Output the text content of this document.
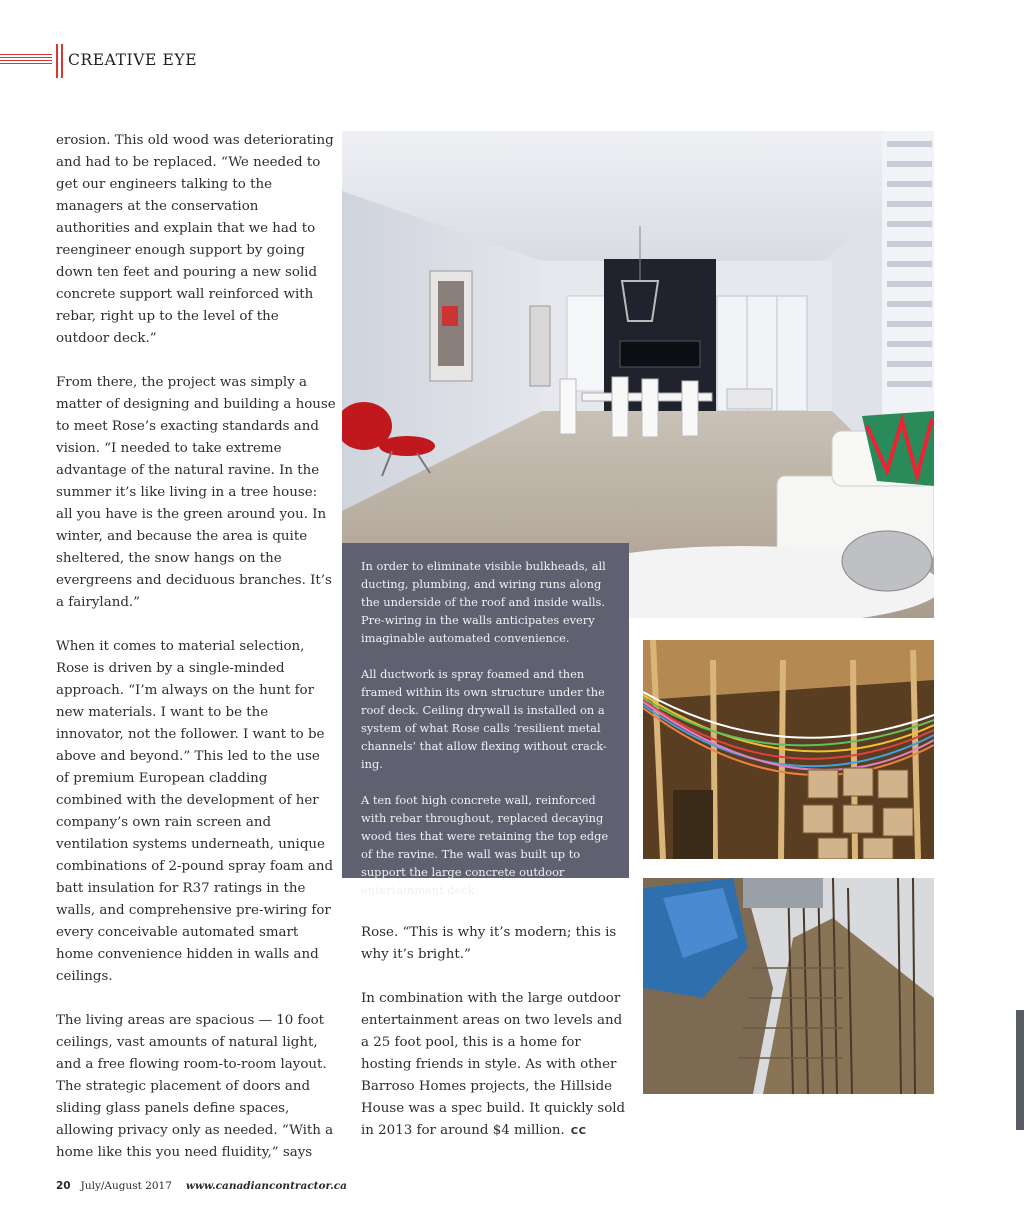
CREATIVE EYE

erosion. This old wood was deteriorating and had to be replaced. “We needed to get our engineers talking to the managers at the conservation authorities and explain that we had to reengineer enough support by going down ten feet and pouring a new solid concrete support wall reinforced with rebar, right up to the level of the outdoor deck.”

From there, the project was simply a matter of designing and building a house to meet Rose’s exacting standards and vision. “I needed to take extreme advantage of the natural ravine. In the summer it’s like living in a tree house: all you have is the green around you. In winter, and because the area is quite sheltered, the snow hangs on the evergreens and deciduous branches. It’s a fairyland.”

When it comes to material selection, Rose is driven by a single-minded approach. “I’m always on the hunt for new materials. I want to be the innovator, not the follower. I want to be above and beyond.” This led to the use of premium European cladding combined with the development of her company’s own rain screen and ventilation systems underneath, unique combinations of 2-pound spray foam and batt insulation for R37 ratings in the walls, and comprehensive pre-wiring for every conceivable automated smart home convenience hidden in walls and ceilings.

The living areas are spacious — 10 foot ceilings, vast amounts of natural light, and a free flowing room-to-room layout. The strategic placement of doors and sliding glass panels define spaces, allowing privacy only as needed. “With a home like this you need fluidity,” says

In order to eliminate visible bulkheads, all ducting, plumbing, and wiring runs along the underside of the roof and inside walls. Pre-wiring in the walls anticipates every imaginable automated convenience.

All ductwork is spray foamed and then framed within its own structure under the roof deck. Ceiling drywall is installed on a system of what Rose calls ‘resilient metal channels’ that allow flexing without crack-ing.

A ten foot high concrete wall, reinforced with rebar throughout, replaced decaying wood ties that were retaining the top edge of the ravine. The wall was built up to support the large concrete outdoor entertainment deck.

Rose. “This is why it’s modern; this is why it’s bright.”

In combination with the large outdoor entertainment areas on two levels and a 25 foot pool, this is a home for hosting friends in style. As with other Barroso Homes projects, the Hillside House was a spec build. It quickly sold in 2013 for around $4 million. CC

20 July/August 2017 www.canadiancontractor.ca
